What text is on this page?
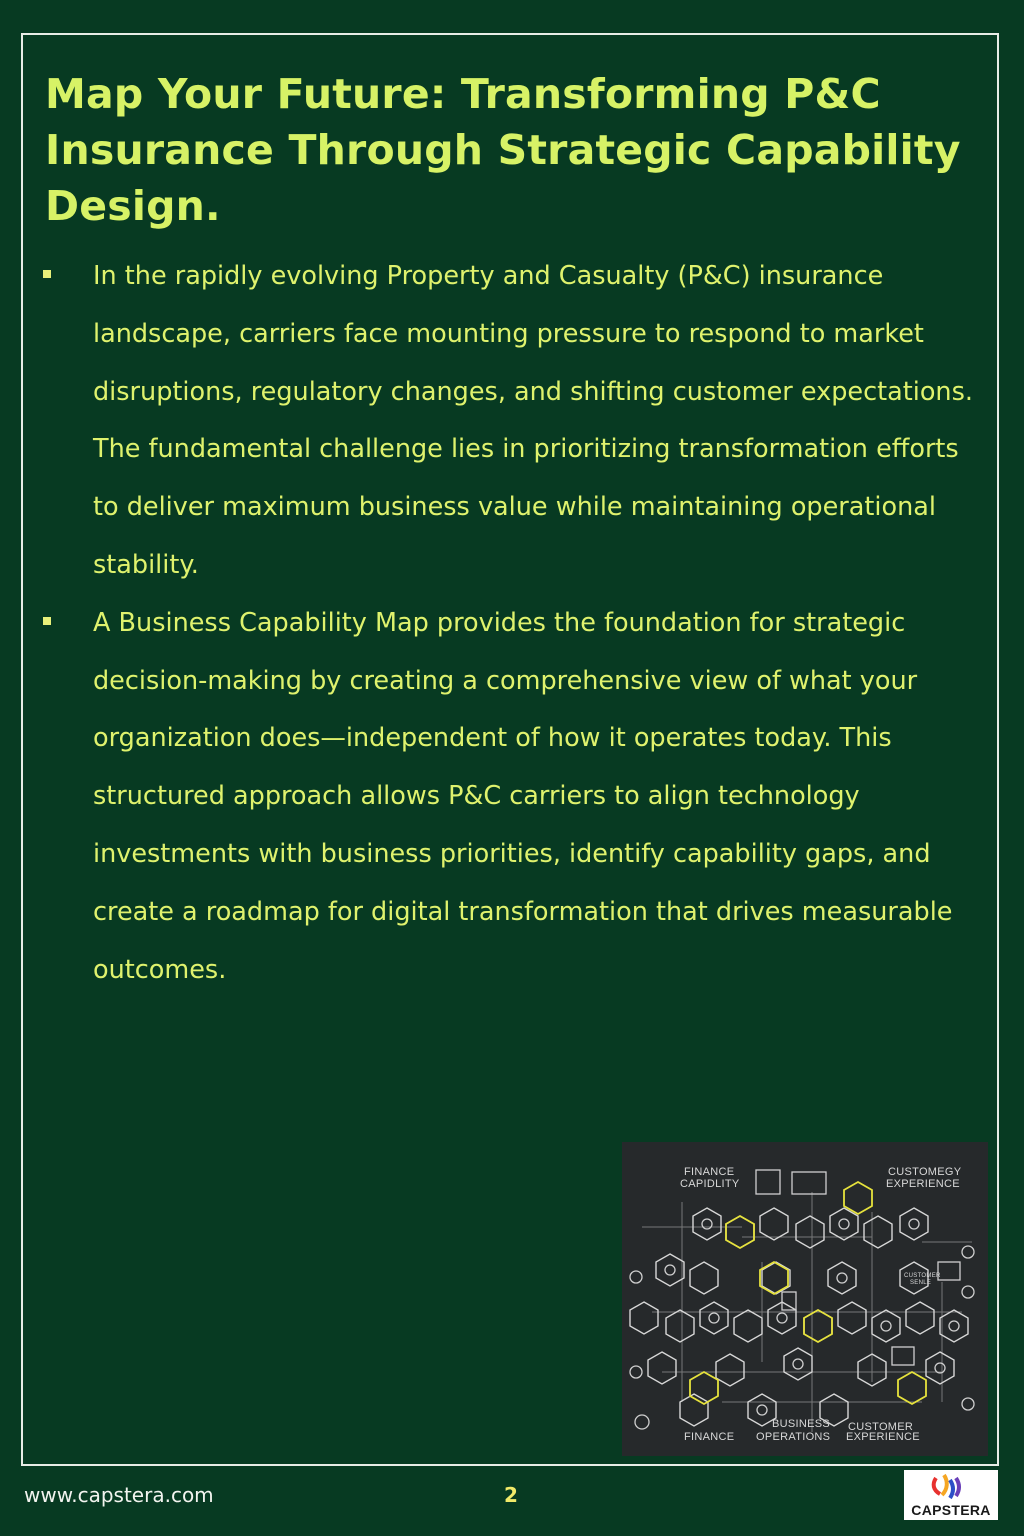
Map Your Future: Transforming P&C Insurance Through Strategic Capability Design.
In the rapidly evolving Property and Casualty (P&C) insurance landscape, carriers face mounting pressure to respond to market disruptions, regulatory changes, and shifting customer expectations. The fundamental challenge lies in prioritizing transformation efforts to deliver maximum business value while maintaining operational stability.
A Business Capability Map provides the foundation for strategic decision-making by creating a comprehensive view of what your organization does—independent of how it operates today. This structured approach allows P&C carriers to align technology investments with business priorities, identify capability gaps, and create a roadmap for digital transformation that drives measurable outcomes.
FINANCE
CAPIDLITY
CUSTOMEGY
EXPERIENCE
FINANCE
BUSINESS
OPERATIONS
CUSTOMER
EXPERIENCE
CUSTOMER
SENLE
www.capstera.com	2
CAPSTERA
